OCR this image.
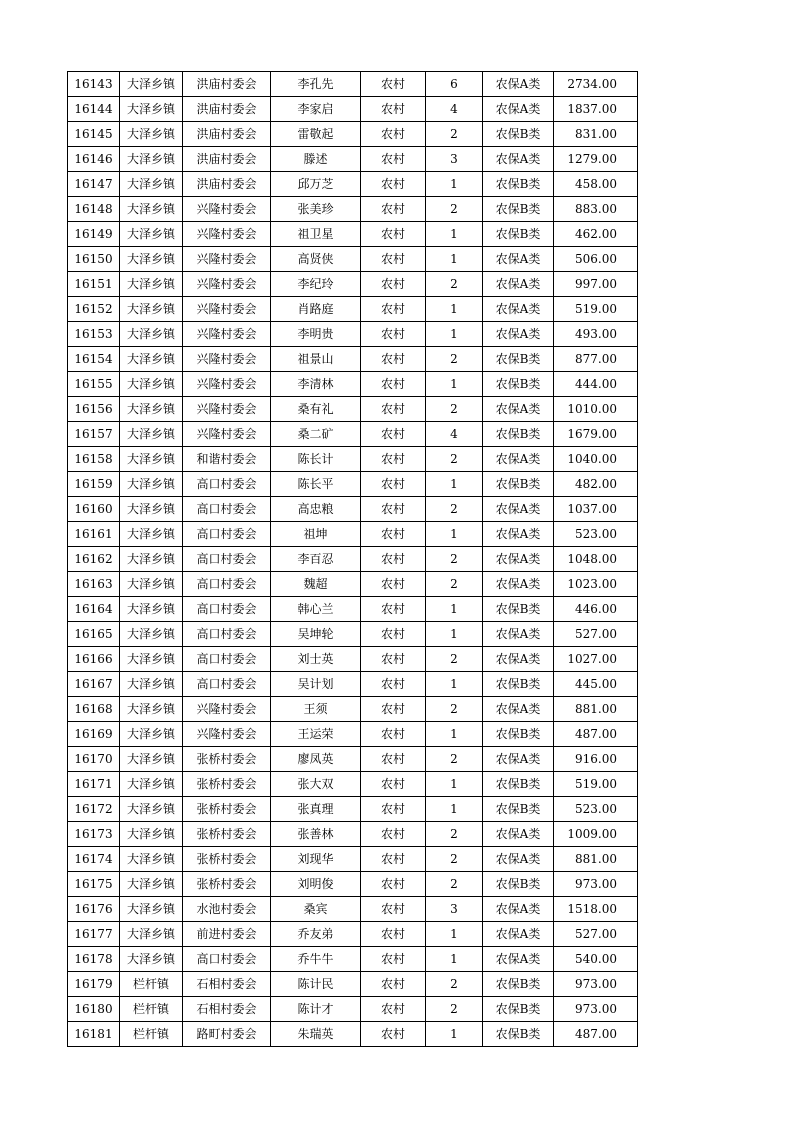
16143	大泽乡镇	洪庙村委会	李孔先	农村	6	农保A类	2734.00
16144	大泽乡镇	洪庙村委会	李家启	农村	4	农保A类	1837.00
16145	大泽乡镇	洪庙村委会	雷敬起	农村	2	农保B类	831.00
16146	大泽乡镇	洪庙村委会	滕述	农村	3	农保A类	1279.00
16147	大泽乡镇	洪庙村委会	邱万芝	农村	1	农保B类	458.00
16148	大泽乡镇	兴隆村委会	张美珍	农村	2	农保B类	883.00
16149	大泽乡镇	兴隆村委会	祖卫星	农村	1	农保B类	462.00
16150	大泽乡镇	兴隆村委会	高贤侠	农村	1	农保A类	506.00
16151	大泽乡镇	兴隆村委会	李纪玲	农村	2	农保A类	997.00
16152	大泽乡镇	兴隆村委会	肖路庭	农村	1	农保A类	519.00
16153	大泽乡镇	兴隆村委会	李明贵	农村	1	农保A类	493.00
16154	大泽乡镇	兴隆村委会	祖景山	农村	2	农保B类	877.00
16155	大泽乡镇	兴隆村委会	李清林	农村	1	农保B类	444.00
16156	大泽乡镇	兴隆村委会	桑有礼	农村	2	农保A类	1010.00
16157	大泽乡镇	兴隆村委会	桑二矿	农村	4	农保B类	1679.00
16158	大泽乡镇	和谐村委会	陈长计	农村	2	农保A类	1040.00
16159	大泽乡镇	高口村委会	陈长平	农村	1	农保B类	482.00
16160	大泽乡镇	高口村委会	高忠粮	农村	2	农保A类	1037.00
16161	大泽乡镇	高口村委会	祖坤	农村	1	农保A类	523.00
16162	大泽乡镇	高口村委会	李百忍	农村	2	农保A类	1048.00
16163	大泽乡镇	高口村委会	魏超	农村	2	农保A类	1023.00
16164	大泽乡镇	高口村委会	韩心兰	农村	1	农保B类	446.00
16165	大泽乡镇	高口村委会	吴坤轮	农村	1	农保A类	527.00
16166	大泽乡镇	高口村委会	刘士英	农村	2	农保A类	1027.00
16167	大泽乡镇	高口村委会	吴计划	农村	1	农保B类	445.00
16168	大泽乡镇	兴隆村委会	王须	农村	2	农保A类	881.00
16169	大泽乡镇	兴隆村委会	王运荣	农村	1	农保B类	487.00
16170	大泽乡镇	张桥村委会	廖凤英	农村	2	农保A类	916.00
16171	大泽乡镇	张桥村委会	张大双	农村	1	农保B类	519.00
16172	大泽乡镇	张桥村委会	张真理	农村	1	农保B类	523.00
16173	大泽乡镇	张桥村委会	张善林	农村	2	农保A类	1009.00
16174	大泽乡镇	张桥村委会	刘现华	农村	2	农保A类	881.00
16175	大泽乡镇	张桥村委会	刘明俊	农村	2	农保B类	973.00
16176	大泽乡镇	水池村委会	桑宾	农村	3	农保A类	1518.00
16177	大泽乡镇	前进村委会	乔友弟	农村	1	农保A类	527.00
16178	大泽乡镇	高口村委会	乔牛牛	农村	1	农保A类	540.00
16179	栏杆镇	石相村委会	陈计民	农村	2	农保B类	973.00
16180	栏杆镇	石相村委会	陈计才	农村	2	农保B类	973.00
16181	栏杆镇	路町村委会	朱瑞英	农村	1	农保B类	487.00
